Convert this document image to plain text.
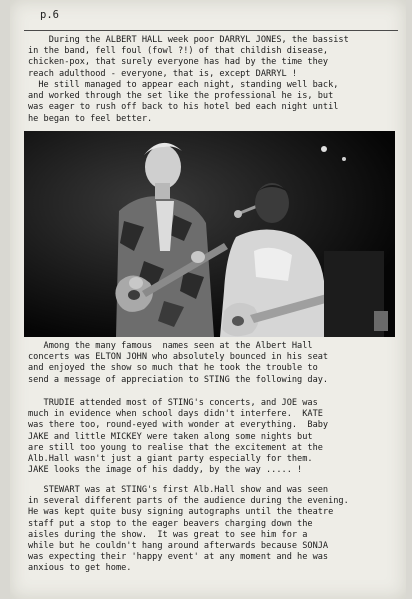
p.6
During the ALBERT HALL week poor DARRYL JONES, the bassist
in the band, fell foul (fowl ?!) of that childish disease,
chicken-pox, that surely everyone has had by the time they
reach adulthood - everyone, that is, except DARRYL !
He still managed to appear each night, standing well back,
and worked through the set like the professional he is, but
was eager to rush off back to his hotel bed each night until
he began to feel better.
Among the many famous  names seen at the Albert Hall
concerts was ELTON JOHN who absolutely bounced in his seat
and enjoyed the show so much that he took the trouble to
send a message of appreciation to STING the following day.
TRUDIE attended most of STING's concerts, and JOE was
much in evidence when school days didn't interfere.  KATE
was there too, round-eyed with wonder at everything.  Baby
JAKE and little MICKEY were taken along some nights but
are still too young to realise that the excitement at the
Alb.Hall wasn't just a giant party especially for them.
JAKE looks the image of his daddy, by the way ..... !
STEWART was at STING's first Alb.Hall show and was seen
in several different parts of the audience during the evening.
He was kept quite busy signing autographs until the theatre
staff put a stop to the eager beavers charging down the
aisles during the show.  It was great to see him for a
while but he couldn't hang around afterwards because SONJA
was expecting their 'happy event' at any moment and he was
anxious to get home.
